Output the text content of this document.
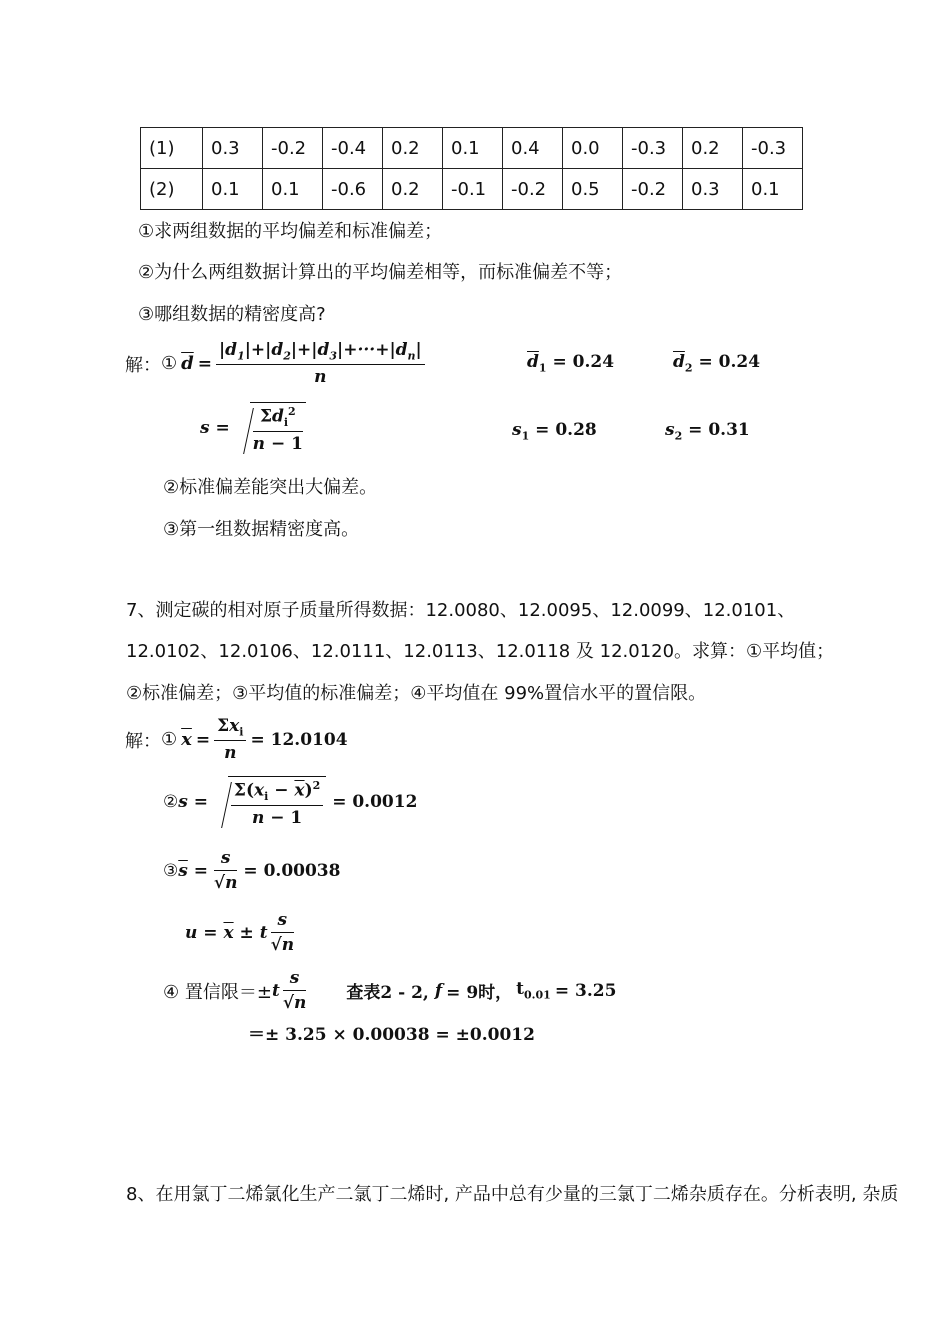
(1)	0.3	-0.2	-0.4	0.2	0.1	0.4	0.0	-0.3	0.2	-0.3
(2)	0.1	0.1	-0.6	0.2	-0.1	-0.2	0.5	-0.2	0.3	0.1
①求两组数据的平均偏差和标准偏差；
②为什么两组数据计算出的平均偏差相等，而标准偏差不等；
③哪组数据的精密度高?
解： ① $\overline{d} = \frac{|d_1|+|d_2|+|d_3|+\cdot\cdot\cdot+|d_n|}{n}$	$\overline{d}_1 = 0.24$	$\overline{d}_2 = 0.24$
$s = \frac{\Sigma d_i^2}{n - 1}$	$s_1 = 0.28$	$s_2 = 0.31$
②标准偏差能突出大偏差。
③第一组数据精密度高。
7、测定碳的相对原子质量所得数据：12.0080、12.0095、12.0099、12.0101、
12.0102、12.0106、12.0111、12.0113、12.0118 及 12.0120。求算：①平均值；
②标准偏差；③平均值的标准偏差；④平均值在 99%置信水平的置信限。
解： ① $\overline{x} = \frac{\Sigma x_i}{n} = 12.0104$
② $s = \frac{\Sigma(x_i - \overline{x})^2}{n - 1}$
= 0.0012
③ $\overline{s} = \frac{s}{√n}$
= 0.00038
$u = \overline{x} \pm t \frac{s}{√n}$
④ 置信限＝± t $\frac{s}{√n}$ 查表2 - 2, f = 9时， $t_{0.01} = 3.25$
＝± 3.25 × 0.00038 = ±0.0012
8、在用氯丁二烯氯化生产二氯丁二烯时, 产品中总有少量的三氯丁二烯杂质存在。分析表明, 杂质
